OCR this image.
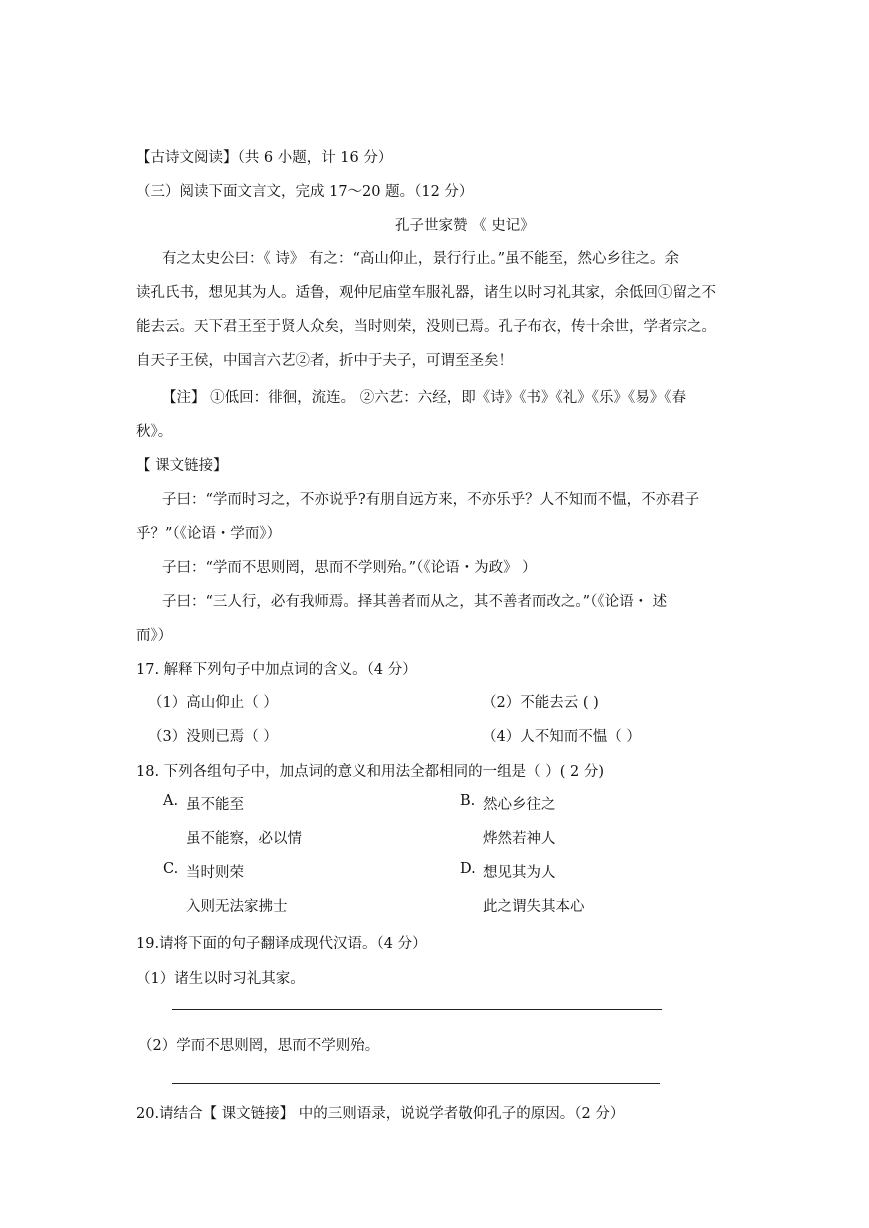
【古诗文阅读】（共 6 小题，计 16 分）
（三）阅读下面文言文，完成 17～20 题。（12 分）
孔子世家赞 《 史记》
有之太史公曰：《 诗》 有之：“高山仰止，景行行止。”虽不能至，然心乡往之。余
读孔氏书，想见其为人。适鲁，观仲尼庙堂车服礼器，诸生以时习礼其家，余低回①留之不
能去云。天下君王至于贤人众矣，当时则荣，没则已焉。孔子布衣，传十余世，学者宗之。
自天子王侯，中国言六艺②者，折中于夫子，可谓至圣矣！
【注】 ①低回：徘徊，流连。 ②六艺：六经，即《诗》《书》《礼》《乐》《易》《春
秋》。
【 课文链接】
子曰：“学而时习之，不亦说乎?有朋自远方来，不亦乐乎？人不知而不愠，不亦君子
乎？”（《论语・学而》）
子曰：“学而不思则罔，思而不学则殆。”（《论语・为政》 ）
子曰：“三人行，必有我师焉。择其善者而从之，其不善者而改之。”（《论语・ 述
而》）
17. 解释下列句子中加点词的含义。（4 分）
（1）高山仰止（ ）	（2）不能去云 ( )
（3）没则已焉（ ）	（4）人不知而不愠（ ）
18. 下列各组句子中，加点词的意义和用法全都相同的一组是（ ）( 2 分)
A. 虽不能至
虽不能察，必以情
B. 然心乡往之
烨然若神人
C. 当时则荣
入则无法家拂士
D. 想见其为人
此之谓失其本心
19.请将下面的句子翻译成现代汉语。（4 分）
（1）诸生以时习礼其家。
（2）学而不思则罔，思而不学则殆。
20.请结合【 课文链接】 中的三则语录，说说学者敬仰孔子的原因。（2 分）
